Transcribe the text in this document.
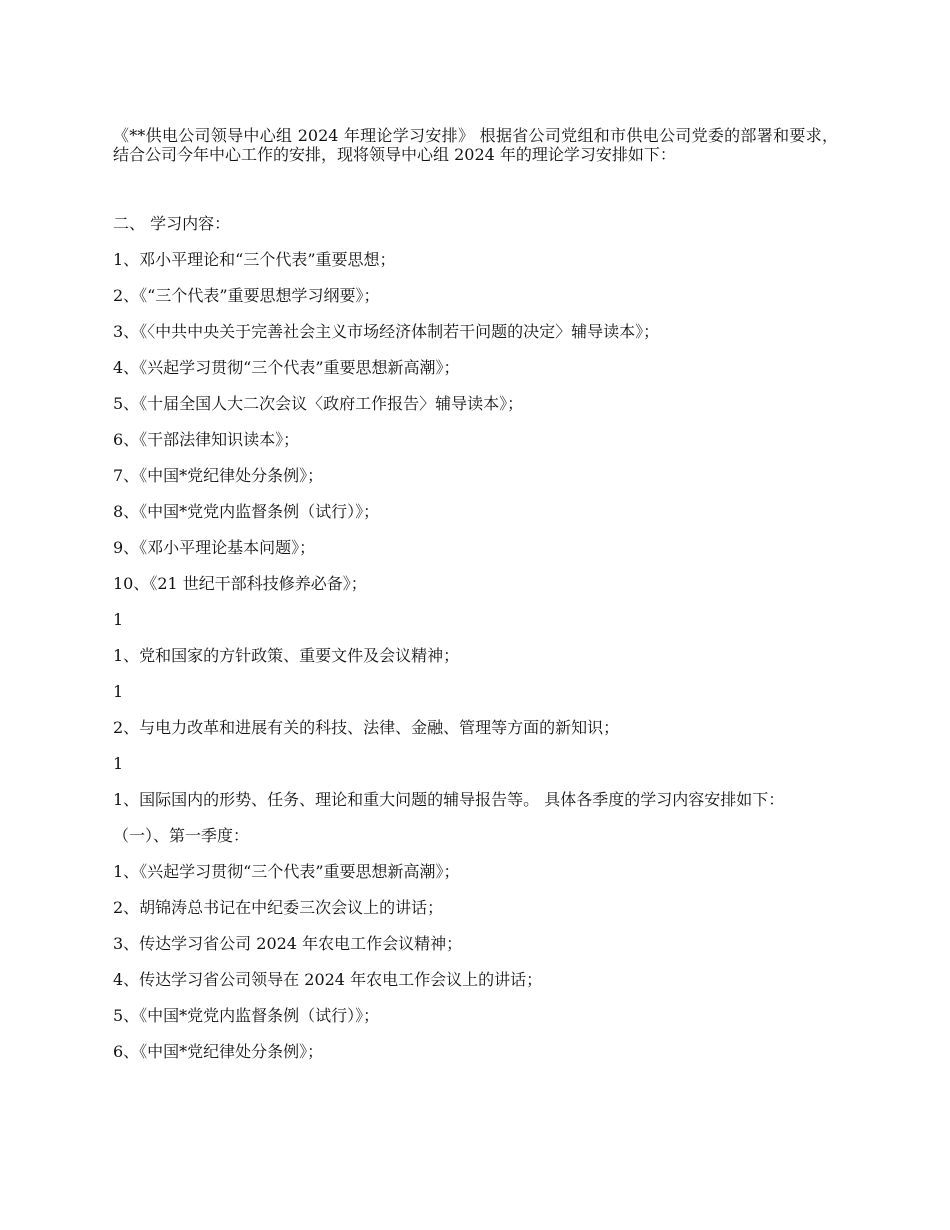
《**供电公司领导中心组 2024 年理论学习安排》 根据省公司党组和市供电公司党委的部署和要求，结合公司今年中心工作的安排，现将领导中心组 2024 年的理论学习安排如下：

二、 学习内容：

1、邓小平理论和“三个代表”重要思想；

2、《“三个代表”重要思想学习纲要》；

3、《〈中共中央关于完善社会主义市场经济体制若干问题的决定〉辅导读本》；

4、《兴起学习贯彻“三个代表”重要思想新高潮》；

5、《十届全国人大二次会议〈政府工作报告〉辅导读本》；

6、《干部法律知识读本》；

7、《中国*党纪律处分条例》；

8、《中国*党党内监督条例（试行）》；

9、《邓小平理论基本问题》；

10、《21 世纪干部科技修养必备》；

1

1、党和国家的方针政策、重要文件及会议精神；

1

2、与电力改革和进展有关的科技、法律、金融、管理等方面的新知识；

1

1、国际国内的形势、任务、理论和重大问题的辅导报告等。 具体各季度的学习内容安排如下：

（一）、第一季度：

1、《兴起学习贯彻“三个代表”重要思想新高潮》；

2、胡锦涛总书记在中纪委三次会议上的讲话；

3、传达学习省公司 2024 年农电工作会议精神；

4、传达学习省公司领导在 2024 年农电工作会议上的讲话；

5、《中国*党党内监督条例（试行）》；

6、《中国*党纪律处分条例》；
